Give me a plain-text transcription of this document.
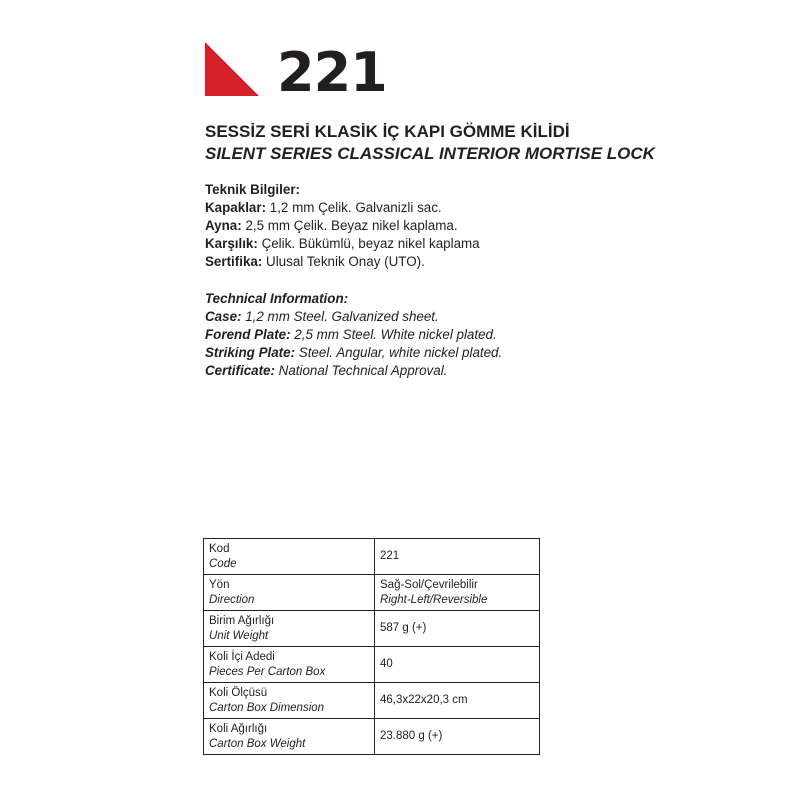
221
SESSİZ SERİ KLASİK İÇ KAPI GÖMME KİLİDİ
SILENT SERIES CLASSICAL INTERIOR MORTISE LOCK
Teknik Bilgiler:
Kapaklar: 1,2 mm Çelik. Galvanizli sac.
Ayna: 2,5 mm Çelik. Beyaz nikel kaplama.
Karşılık: Çelik. Bükümlü, beyaz nikel kaplama
Sertifika: Ulusal Teknik Onay (UTO).
Technical Information:
Case: 1,2 mm Steel. Galvanized sheet.
Forend Plate: 2,5 mm Steel. White nickel plated.
Striking Plate: Steel. Angular, white nickel plated.
Certificate: National Technical Approval.
Kod
Code	221

Yön
Direction	Sağ-Sol/Çevrilebilir
Right-Left/Reversible

Birim Ağırlığı
Unit Weight	587 g (+)

Koli İçi Adedi
Pieces Per Carton Box	40

Koli Ölçüsü
Carton Box Dimension	46,3x22x20,3 cm

Koli Ağırlığı
Carton Box Weight	23.880 g (+)
